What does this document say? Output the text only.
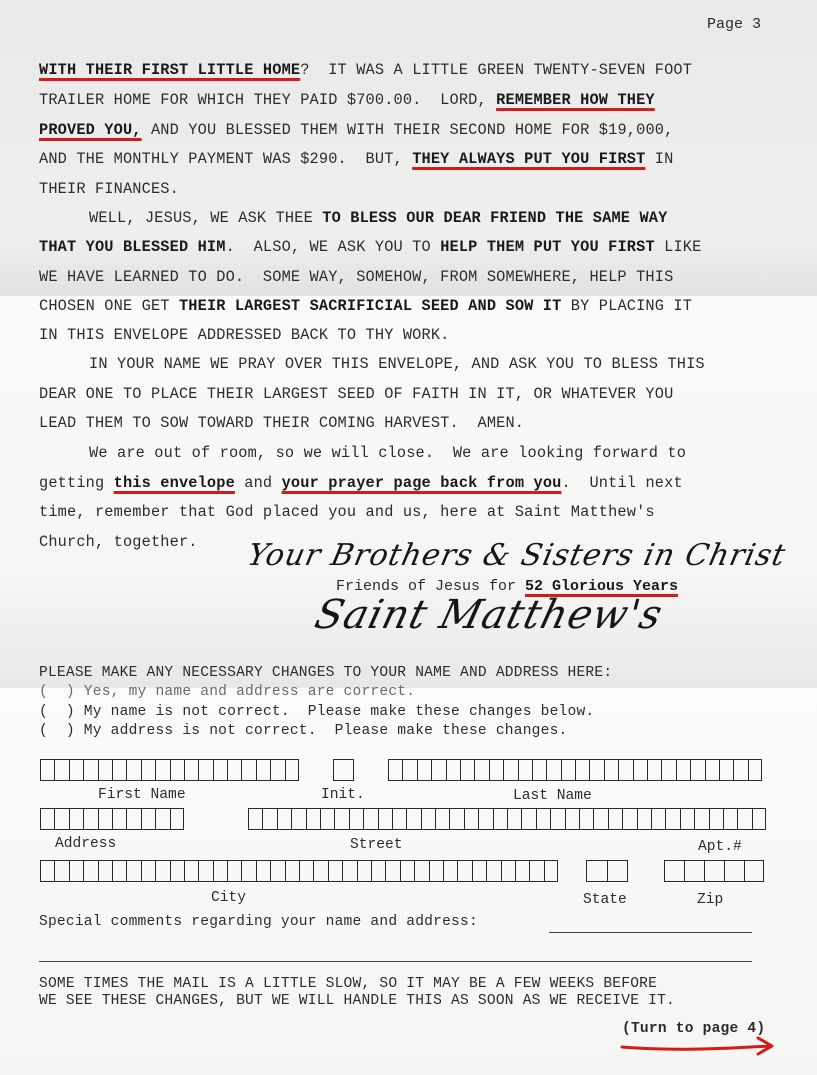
Page 3
WITH THEIR FIRST LITTLE HOME?  IT WAS A LITTLE GREEN TWENTY-SEVEN FOOT
TRAILER HOME FOR WHICH THEY PAID $700.00.  LORD, REMEMBER HOW THEY
PROVED YOU, AND YOU BLESSED THEM WITH THEIR SECOND HOME FOR $19,000,
AND THE MONTHLY PAYMENT WAS $290.  BUT, THEY ALWAYS PUT YOU FIRST IN
THEIR FINANCES.
WELL, JESUS, WE ASK THEE TO BLESS OUR DEAR FRIEND THE SAME WAY
THAT YOU BLESSED HIM.  ALSO, WE ASK YOU TO HELP THEM PUT YOU FIRST LIKE
WE HAVE LEARNED TO DO.  SOME WAY, SOMEHOW, FROM SOMEWHERE, HELP THIS
CHOSEN ONE GET THEIR LARGEST SACRIFICIAL SEED AND SOW IT BY PLACING IT
IN THIS ENVELOPE ADDRESSED BACK TO THY WORK.
IN YOUR NAME WE PRAY OVER THIS ENVELOPE, AND ASK YOU TO BLESS THIS
DEAR ONE TO PLACE THEIR LARGEST SEED OF FAITH IN IT, OR WHATEVER YOU
LEAD THEM TO SOW TOWARD THEIR COMING HARVEST.  AMEN.
We are out of room, so we will close.  We are looking forward to
getting this envelope and your prayer page back from you.  Until next
time, remember that God placed you and us, here at Saint Matthew's
Church, together. Your Brothers & Sisters in Christ
Friends of Jesus for 52 Glorious Years
Saint Matthew's
PLEASE MAKE ANY NECESSARY CHANGES TO YOUR NAME AND ADDRESS HERE:
(  ) Yes, my name and address are correct.
(  ) My name is not correct.  Please make these changes below.
(  ) My address is not correct.  Please make these changes.
First Name	Init.	Last Name
Address	Street	Apt.#
City	State	Zip
Special comments regarding your name and address:
SOME TIMES THE MAIL IS A LITTLE SLOW, SO IT MAY BE A FEW WEEKS BEFORE
WE SEE THESE CHANGES, BUT WE WILL HANDLE THIS AS SOON AS WE RECEIVE IT.
(Turn to page 4)
